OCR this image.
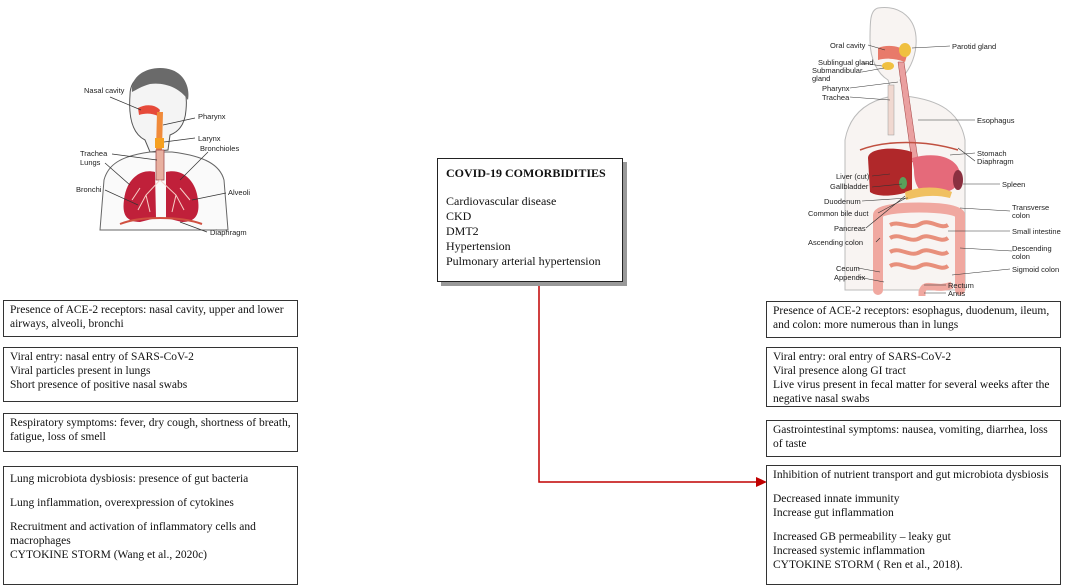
Nasal cavity
Pharynx
Larynx
Trachea
Bronchioles
Lungs
Bronchi	Alveoli
Diaphragm
Oral cavity	Parotid gland
Sublingual gland
Submandibular gland
Pharynx
Trachea
Esophagus
Stomach
Diaphragm
Liver (cut)
Gallbladder	Spleen
Duodenum
Common bile duct
Transverse colon
Pancreas	Small intestine
Ascending colon
Descending colon
Cecum	Sigmoid colon
Appendix
Rectum
Anus

COVID-19 COMORBIDITIES

Cardiovascular disease

CKD

DMT2

Hypertension

Pulmonary arterial hypertension

Presence of ACE-2 receptors: nasal cavity, upper and lower airways, alveoli, bronchi

Viral entry: nasal entry of SARS-CoV-2

Viral particles present in lungs

Short presence of positive nasal swabs

Respiratory symptoms: fever, dry cough, shortness of breath, fatigue, loss of smell

Lung microbiota dysbiosis: presence of gut bacteria

Lung inflammation, overexpression of cytokines

Recruitment and activation of inflammatory cells and macrophages

CYTOKINE STORM (Wang et al., 2020c)

Presence of ACE-2 receptors: esophagus, duodenum, ileum, and colon: more numerous than in lungs

Viral entry: oral entry of SARS-CoV-2

Viral presence along GI tract

Live virus present in fecal matter for several weeks after the negative nasal swabs

Gastrointestinal symptoms: nausea, vomiting, diarrhea, loss of taste

Inhibition of nutrient transport and gut microbiota dysbiosis

Decreased innate immunity

Increase gut inflammation

Increased GB permeability – leaky gut

Increased systemic inflammation

CYTOKINE STORM ( Ren et al., 2018).
